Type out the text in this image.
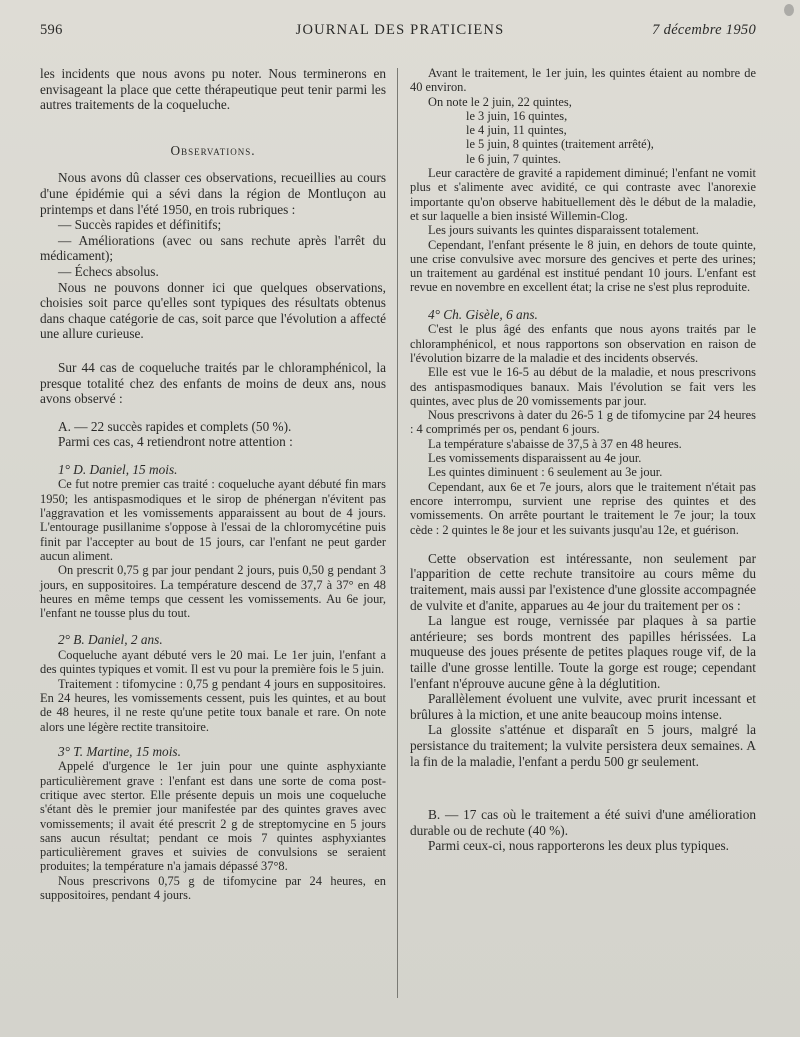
JOURNAL DES PRATICIENS
596	7 décembre 1950

les incidents que nous avons pu noter. Nous terminerons en envisageant la place que cette thérapeutique peut tenir parmi les autres traitements de la coqueluche.

Observations.

Nous avons dû classer ces observations, recueillies au cours d'une épidémie qui a sévi dans la région de Montluçon au printemps et dans l'été 1950, en trois rubriques :

— Succès rapides et définitifs;

— Améliorations (avec ou sans rechute après l'arrêt du médicament);

— Échecs absolus.

Nous ne pouvons donner ici que quelques observations, choisies soit parce qu'elles sont typiques des résultats obtenus dans chaque catégorie de cas, soit parce que l'évolution a affecté une allure curieuse.

Sur 44 cas de coqueluche traités par le chloramphénicol, la presque totalité chez des enfants de moins de deux ans, nous avons observé :

A. — 22 succès rapides et complets (50 %).

Parmi ces cas, 4 retiendront notre attention :

1° D. Daniel, 15 mois.

Ce fut notre premier cas traité : coqueluche ayant débuté fin mars 1950; les antispasmodiques et le sirop de phénergan n'évitent pas l'aggravation et les vomissements apparaissent au bout de 4 jours. L'entourage pusillanime s'oppose à l'essai de la chloromycétine puis finit par l'accepter au bout de 15 jours, car l'enfant ne peut garder aucun aliment.

On prescrit 0,75 g par jour pendant 2 jours, puis 0,50 g pendant 3 jours, en suppositoires. La température descend de 37,7 à 37° en 48 heures en même temps que cessent les vomissements. Au 6e jour, l'enfant ne tousse plus du tout.

2° B. Daniel, 2 ans.

Coqueluche ayant débuté vers le 20 mai. Le 1er juin, l'enfant a des quintes typiques et vomit. Il est vu pour la première fois le 5 juin.

Traitement : tifomycine : 0,75 g pendant 4 jours en suppositoires. En 24 heures, les vomissements cessent, puis les quintes, et au bout de 48 heures, il ne reste qu'une petite toux banale et rare. On note alors une légère rectite transitoire.

3° T. Martine, 15 mois.

Appelé d'urgence le 1er juin pour une quinte asphyxiante particulièrement grave : l'enfant est dans une sorte de coma post-critique avec stertor. Elle présente depuis un mois une coqueluche s'étant dès le premier jour manifestée par des quintes graves avec vomissements; il avait été prescrit 2 g de streptomycine en 5 jours sans aucun résultat; pendant ce mois 7 quintes asphyxiantes particulièrement graves et suivies de convulsions se seraient produites; la température n'a jamais dépassé 37°8.

Nous prescrivons 0,75 g de tifomycine par 24 heures, en suppositoires, pendant 4 jours.

Avant le traitement, le 1er juin, les quintes étaient au nombre de 40 environ.

On note le 2 juin, 22 quintes,

le 3 juin, 16 quintes,

le 4 juin, 11 quintes,

le 5 juin, 8 quintes (traitement arrêté),

le 6 juin, 7 quintes.

Leur caractère de gravité a rapidement diminué; l'enfant ne vomit plus et s'alimente avec avidité, ce qui contraste avec l'anorexie importante qu'on observe habituellement dès le début de la maladie, et sur laquelle a bien insisté Willemin-Clog.

Les jours suivants les quintes disparaissent totalement.

Cependant, l'enfant présente le 8 juin, en dehors de toute quinte, une crise convulsive avec morsure des gencives et perte des urines; un traitement au gardénal est institué pendant 10 jours. L'enfant est revue en novembre en excellent état; la crise ne s'est plus reproduite.

4° Ch. Gisèle, 6 ans.

C'est le plus âgé des enfants que nous ayons traités par le chloramphénicol, et nous rapportons son observation en raison de l'évolution bizarre de la maladie et des incidents observés.

Elle est vue le 16-5 au début de la maladie, et nous prescrivons des antispasmodiques banaux. Mais l'évolution se fait vers les quintes, avec plus de 20 vomissements par jour.

Nous prescrivons à dater du 26-5 1 g de tifomycine par 24 heures : 4 comprimés per os, pendant 6 jours.

La température s'abaisse de 37,5 à 37 en 48 heures.

Les vomissements disparaissent au 4e jour.

Les quintes diminuent : 6 seulement au 3e jour.

Cependant, aux 6e et 7e jours, alors que le traitement n'était pas encore interrompu, survient une reprise des quintes et des vomissements. On arrête pourtant le traitement le 7e jour; la toux cède : 2 quintes le 8e jour et les suivants jusqu'au 12e, et guérison.

Cette observation est intéressante, non seulement par l'apparition de cette rechute transitoire au cours même du traitement, mais aussi par l'existence d'une glossite accompagnée de vulvite et d'anite, apparues au 4e jour du traitement per os :

La langue est rouge, vernissée par plaques à sa partie antérieure; ses bords montrent des papilles hérissées. La muqueuse des joues présente de petites plaques rouge vif, de la taille d'une grosse lentille. Toute la gorge est rouge; cependant l'enfant n'éprouve aucune gêne à la déglutition.

Parallèlement évoluent une vulvite, avec prurit incessant et brûlures à la miction, et une anite beaucoup moins intense.

La glossite s'atténue et disparaît en 5 jours, malgré la persistance du traitement; la vulvite persistera deux semaines. A la fin de la maladie, l'enfant a perdu 500 gr seulement.

B. — 17 cas où le traitement a été suivi d'une amélioration durable ou de rechute (40 %).

Parmi ceux-ci, nous rapporterons les deux plus typiques.
